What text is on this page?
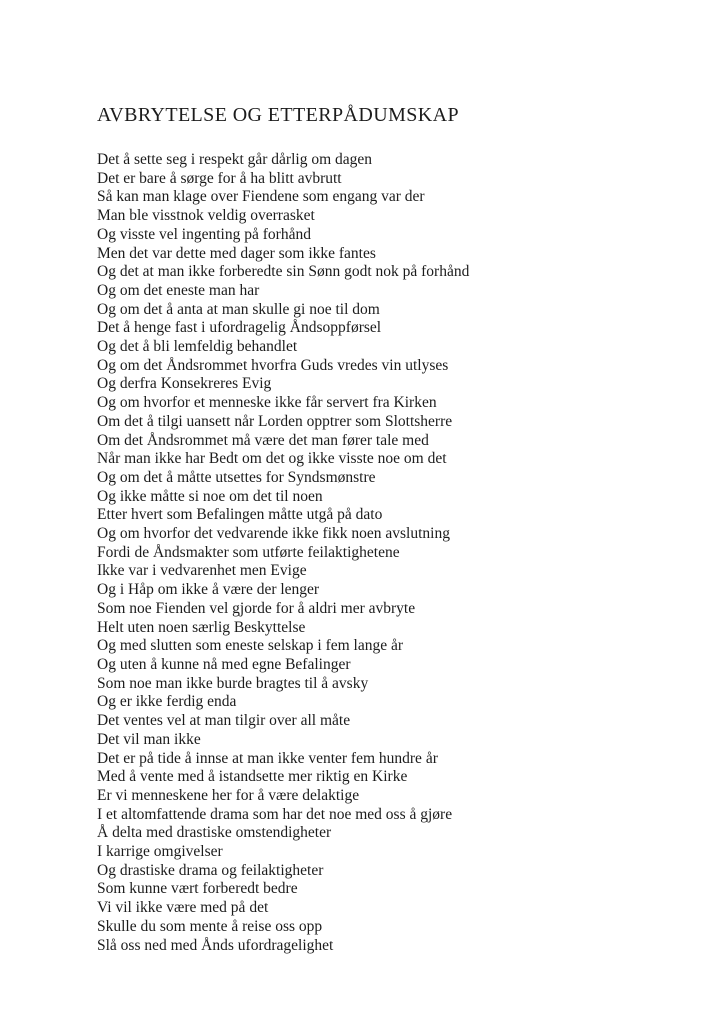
AVBRYTELSE OG ETTERPÅDUMSKAP
Det å sette seg i respekt går dårlig om dagen
Det er bare å sørge for å ha blitt avbrutt
Så kan man klage over Fiendene som engang var der
Man ble visstnok veldig overrasket
Og visste vel ingenting på forhånd
Men det var dette med dager som ikke fantes
Og det at man ikke forberedte sin Sønn godt nok på forhånd
Og om det eneste man har
Og om det å anta at man skulle gi noe til dom
Det å henge fast i ufordragelig Åndsoppførsel
Og det å bli lemfeldig behandlet
Og om det Åndsrommet hvorfra Guds vredes vin utlyses
Og derfra Konsekreres Evig
Og om hvorfor et menneske ikke får servert fra Kirken
Om det å tilgi uansett når Lorden opptrer som Slottsherre
Om det Åndsrommet må være det man fører tale med
Når man ikke har Bedt om det og ikke visste noe om det
Og om det å måtte utsettes for Syndsmønstre
Og ikke måtte si noe om det til noen
Etter hvert som Befalingen måtte utgå på dato
Og om hvorfor det vedvarende ikke fikk noen avslutning
Fordi de Åndsmakter som utførte feilaktighetene
Ikke var i vedvarenhet men Evige
Og i Håp om ikke å være der lenger
Som noe Fienden vel gjorde for å aldri mer avbryte
Helt uten noen særlig Beskyttelse
Og med slutten som eneste selskap i fem lange år
Og uten å kunne nå med egne Befalinger
Som noe man ikke burde bragtes til å avsky
Og er ikke ferdig enda
Det ventes vel at man tilgir over all måte
Det vil man ikke
Det er på tide å innse at man ikke venter fem hundre år
Med å vente med å istandsette mer riktig en Kirke
Er vi menneskene her for å være delaktige
I et altomfattende drama som har det noe med oss å gjøre
Å delta med drastiske omstendigheter
I karrige omgivelser
Og drastiske drama og feilaktigheter
Som kunne vært forberedt bedre
Vi vil ikke være med på det
Skulle du som mente å reise oss opp
Slå oss ned med Ånds ufordragelighet
